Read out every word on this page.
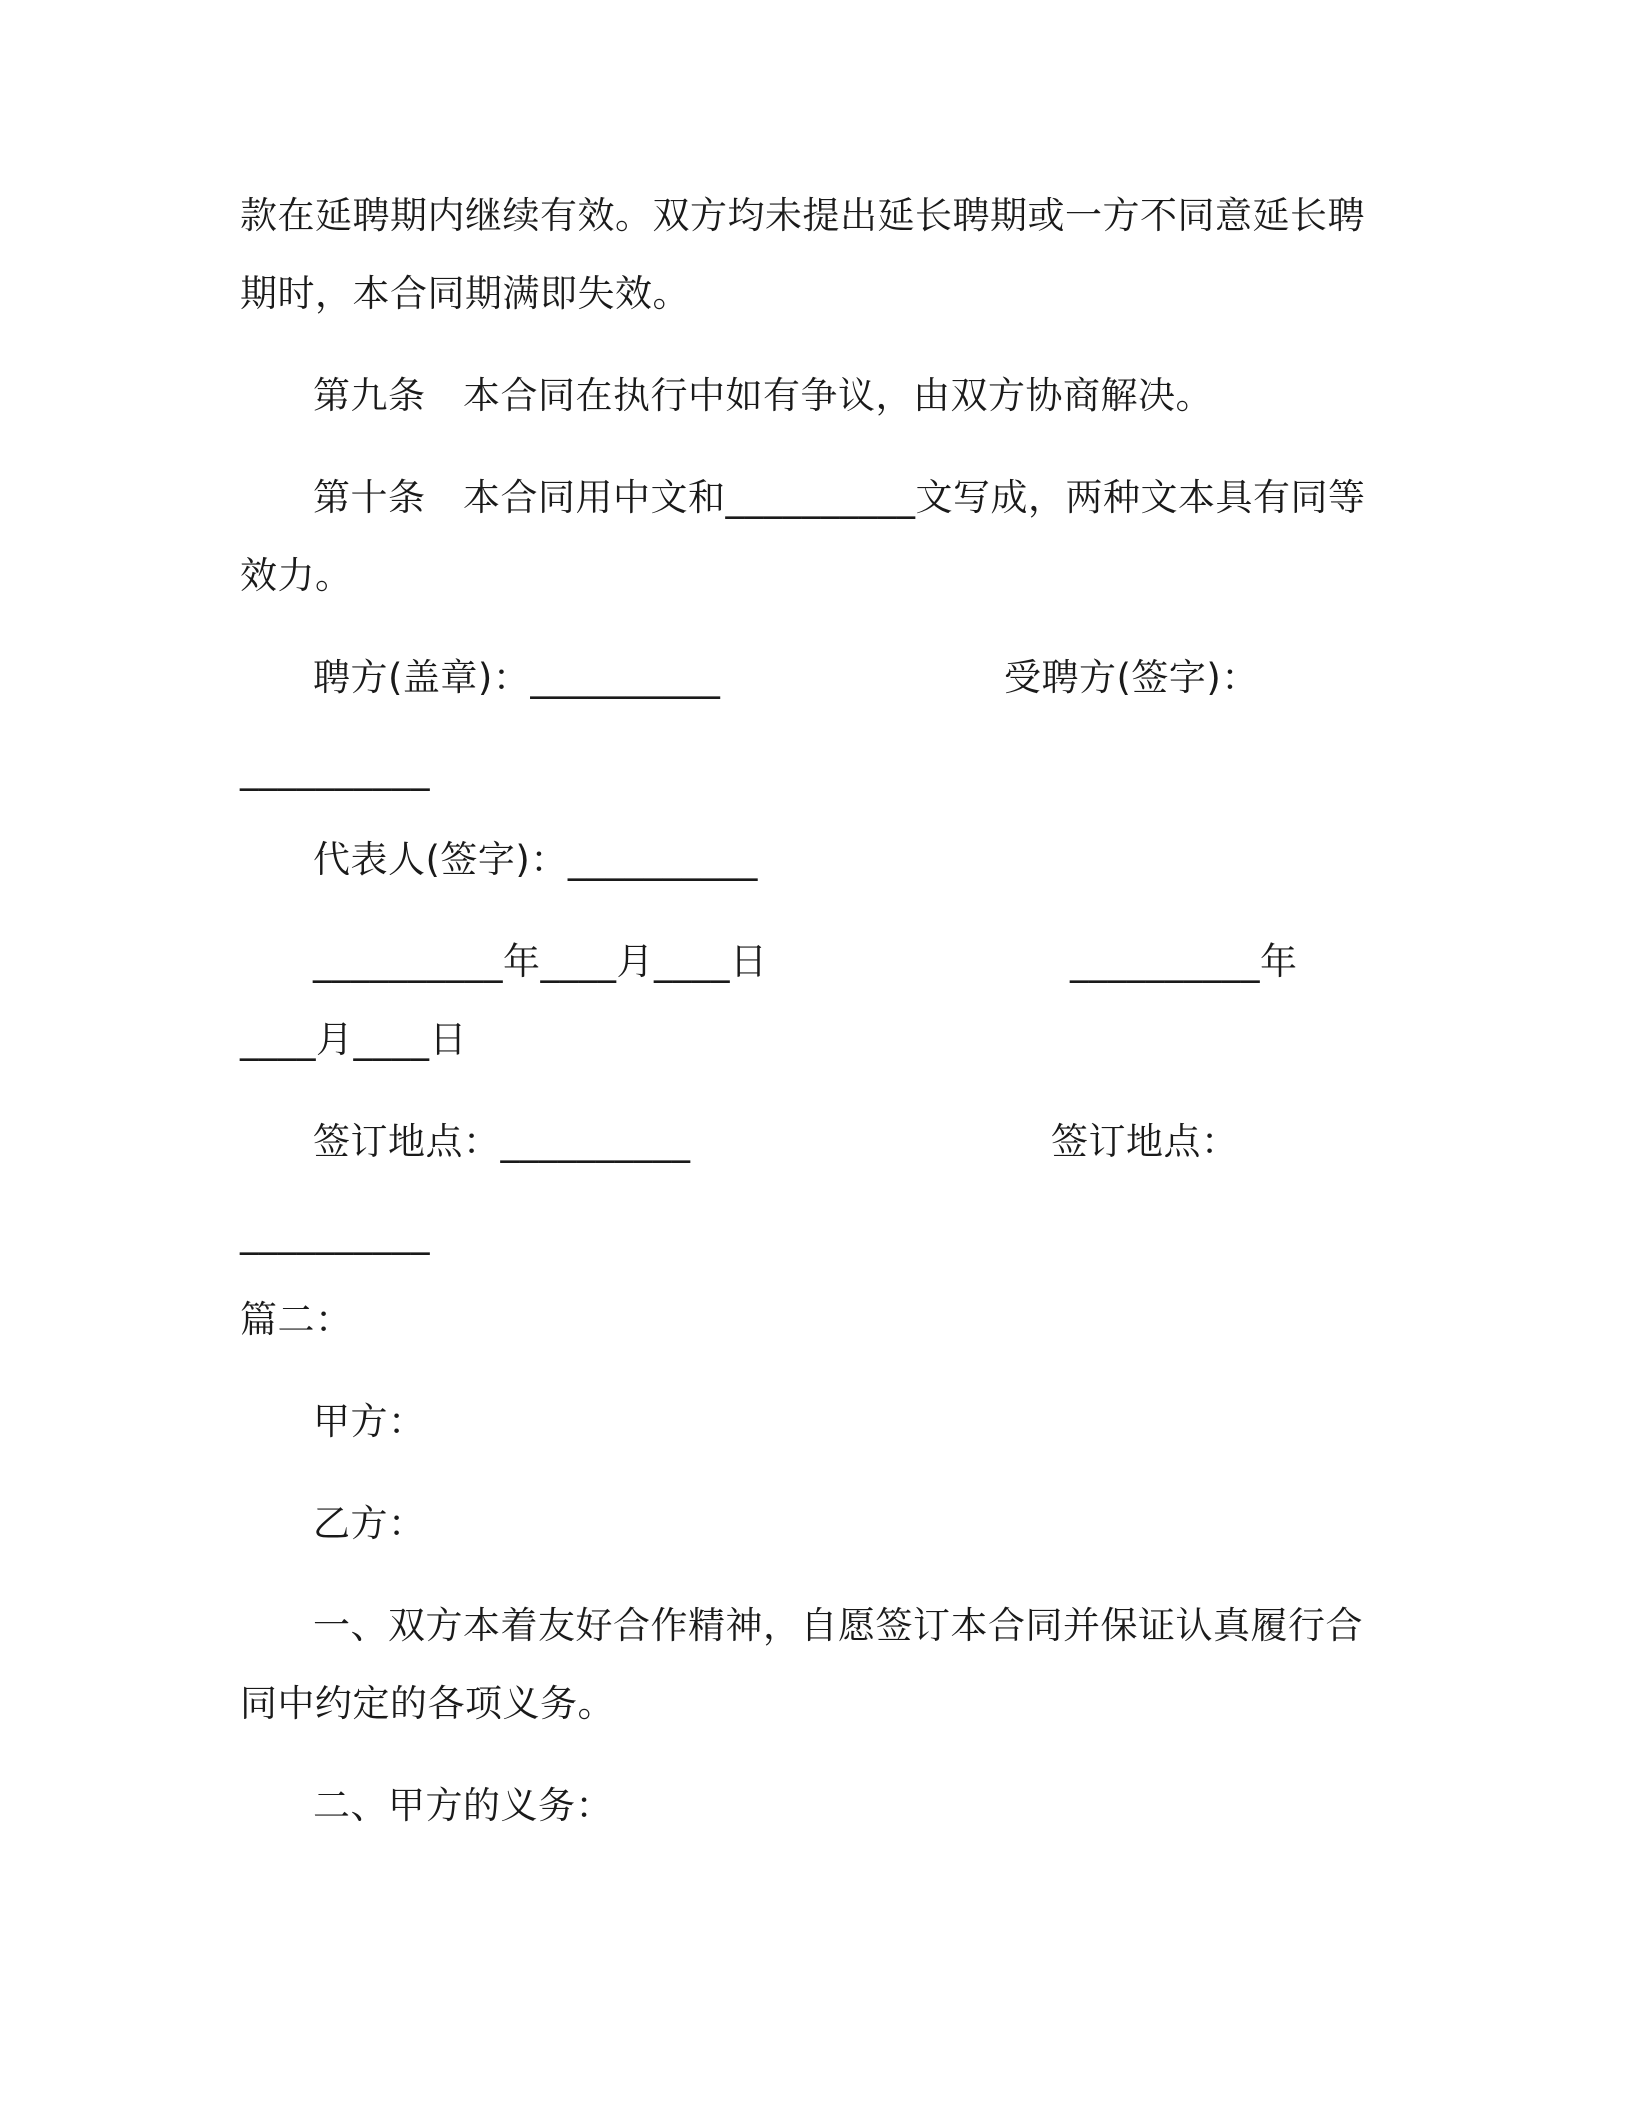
款在延聘期内继续有效。双方均未提出延长聘期或一方不同意延长聘
期时，本合同期满即失效。
第九条　本合同在执行中如有争议，由双方协商解决。
第十条　本合同用中文和__________文写成，两种文本具有同等
效力。
聘方(盖章)：__________	受聘方(签字)：
__________
代表人(签字)：__________
__________年____月____日	__________年
____月____日
签订地点：__________	签订地点：
__________
篇二：
甲方：
乙方：
一、双方本着友好合作精神，自愿签订本合同并保证认真履行合
同中约定的各项义务。
二、甲方的义务：
